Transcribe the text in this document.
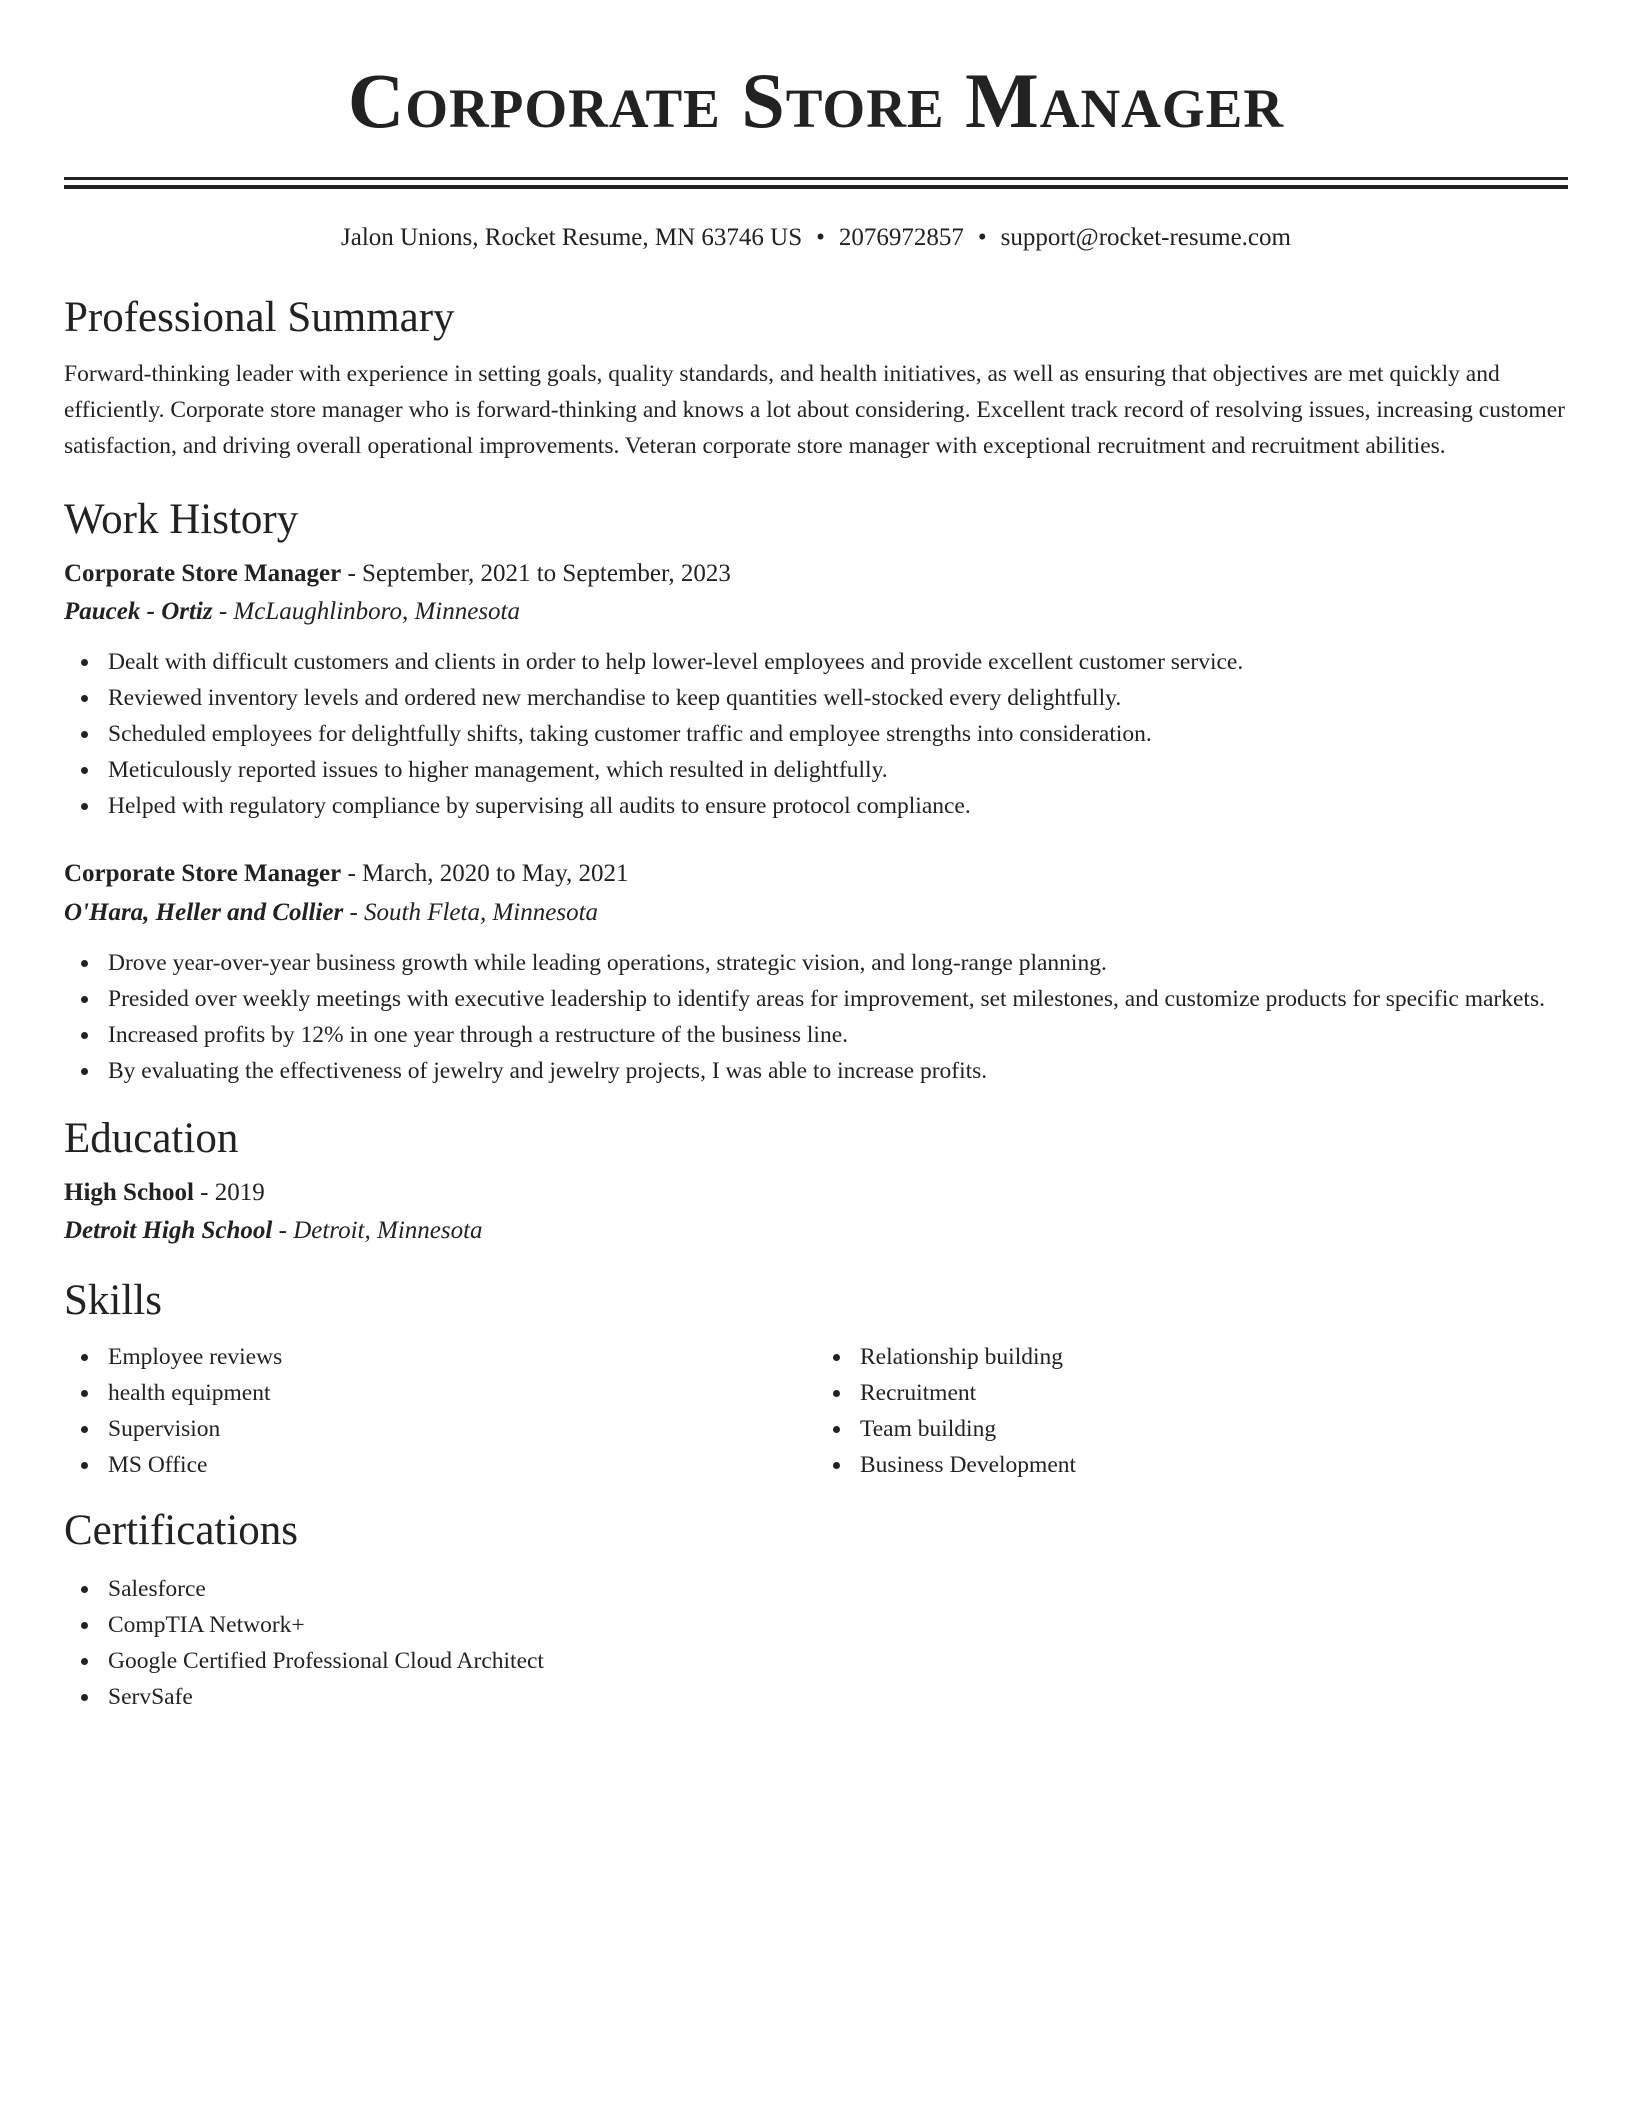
Corporate Store Manager
Jalon Unions, Rocket Resume, MN 63746 US • 2076972857 • support@rocket-resume.com
Professional Summary

Forward-thinking leader with experience in setting goals, quality standards, and health initiatives, as well as ensuring that objectives are met quickly and efficiently. Corporate store manager who is forward-thinking and knows a lot about considering. Excellent track record of resolving issues, increasing customer satisfaction, and driving overall operational improvements. Veteran corporate store manager with exceptional recruitment and recruitment abilities.

Work History

Corporate Store Manager - September, 2021 to September, 2023

Paucek - Ortiz - McLaughlinboro, Minnesota

Dealt with difficult customers and clients in order to help lower-level employees and provide excellent customer service.
Reviewed inventory levels and ordered new merchandise to keep quantities well-stocked every delightfully.
Scheduled employees for delightfully shifts, taking customer traffic and employee strengths into consideration.
Meticulously reported issues to higher management, which resulted in delightfully.
Helped with regulatory compliance by supervising all audits to ensure protocol compliance.

Corporate Store Manager - March, 2020 to May, 2021

O'Hara, Heller and Collier - South Fleta, Minnesota

Drove year-over-year business growth while leading operations, strategic vision, and long-range planning.
Presided over weekly meetings with executive leadership to identify areas for improvement, set milestones, and customize products for specific markets.
Increased profits by 12% in one year through a restructure of the business line.
By evaluating the effectiveness of jewelry and jewelry projects, I was able to increase profits.
Education

High School - 2019

Detroit High School - Detroit, Minnesota

Skills
Employee reviews
health equipment
Supervision
MS Office
Relationship building
Recruitment
Team building
Business Development
Certifications
Salesforce
CompTIA Network+
Google Certified Professional Cloud Architect
ServSafe
